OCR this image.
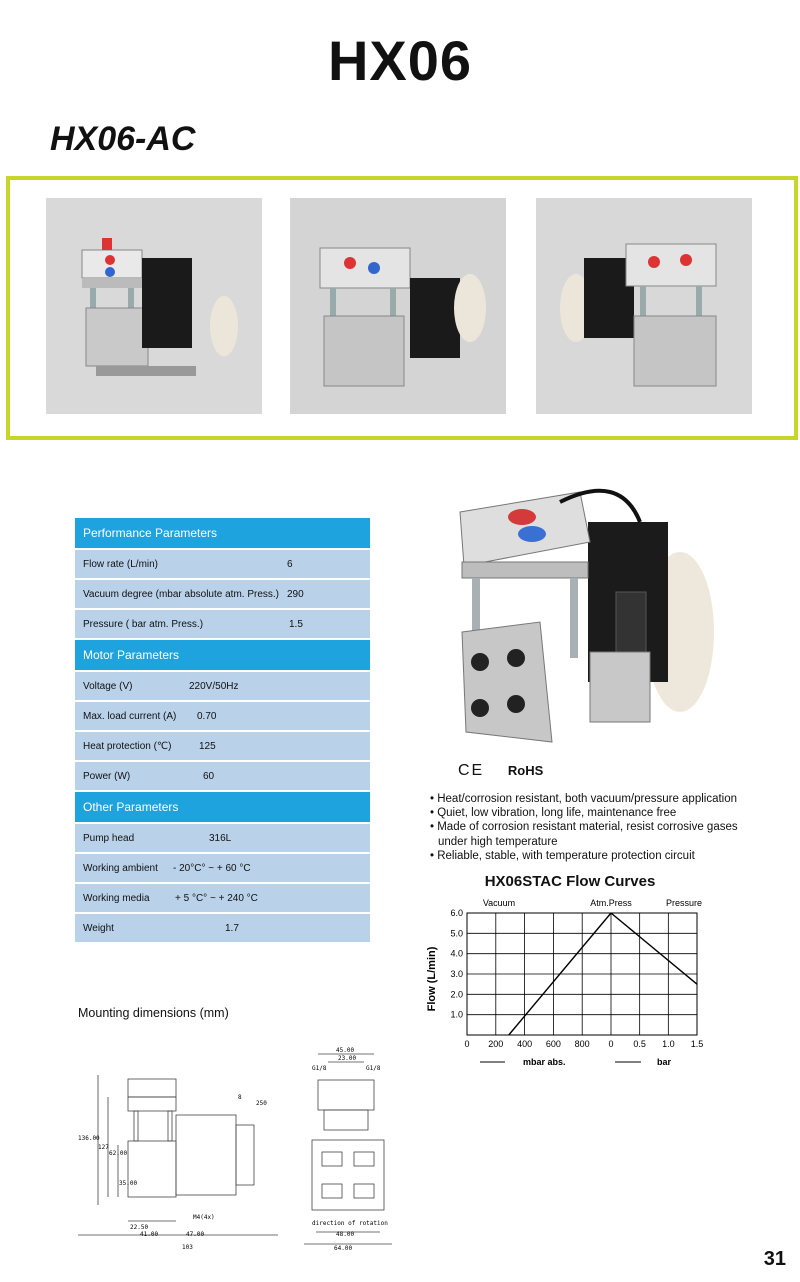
HX06
HX06-AC
Performance Parameters
Flow rate (L/min)	6

Vacuum degree (mbar absolute atm. Press.) 290

Pressure ( bar atm. Press.)	1.5

Motor Parameters
Voltage (V)	220V/50Hz

Max. load current (A) 0.70

Heat protection (℃)	125

Power (W)	60

Other Parameters
Pump head	316L

Working ambient - 20°C° ~ + 60 °C

Working media	+ 5 °C° ~ + 240 °C

Weight	1.7
CE RoHS
• Heat/corrosion resistant, both vacuum/pressure application
• Quiet, low vibration, long life, maintenance free
• Made of corrosion resistant material, resist corrosive gases under high temperature
• Reliable, stable, with temperature protection circuit
HX06STAC Flow Curves
6.0
5.0
4.0
3.0
2.0
1.0
0 200 400 600 800 0 0.5 1.0 1.5
Flow (L/min)
Vacuum	Atm.Press	Pressure
mbar abs.	bar
Mounting dimensions (mm)
136.00
127
62.00
35.00
22.50
41.00	47.00
103
M4(4x)
250
8
45.00
23.00
G1/8	G1/8
direction of rotation
48.00
64.00	31
